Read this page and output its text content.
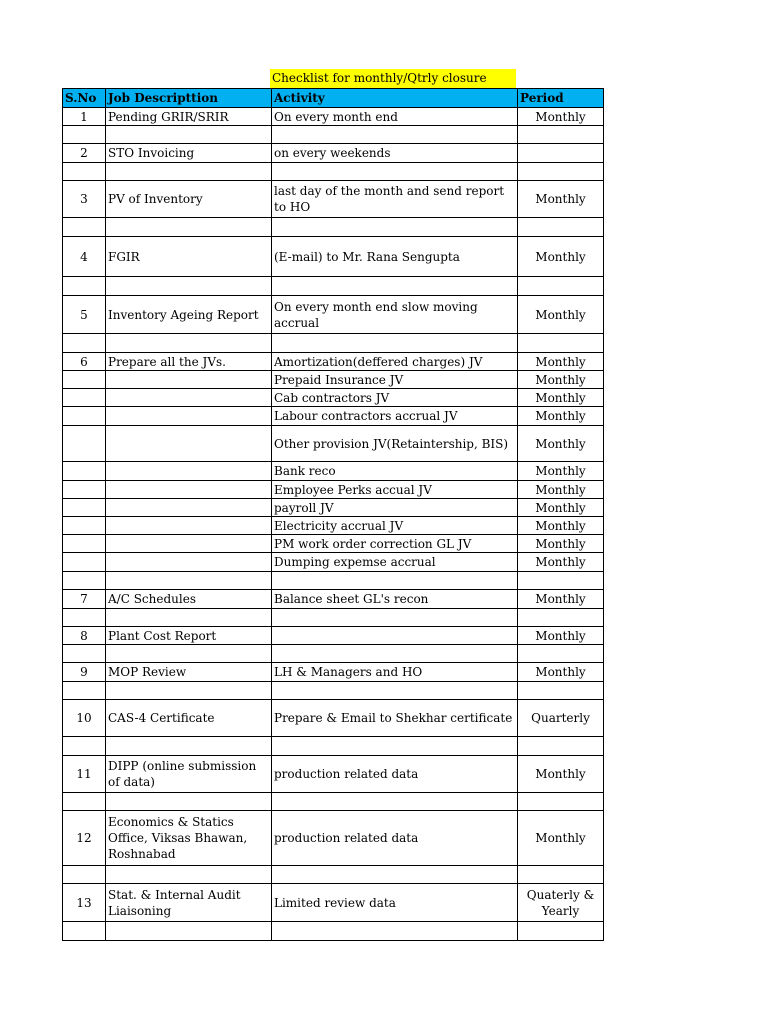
Checklist for monthly/Qtrly closure
S.No	Job Descripttion	Activity	Period
1	Pending GRIR/SRIR	On every month end	Monthly

2	STO Invoicing	on every weekends	

3	PV of Inventory	last day of the month and send report to HO	Monthly

4	FGIR	(E-mail) to Mr. Rana Sengupta	Monthly

5	Inventory Ageing Report	On every month end slow moving accrual	Monthly

6	Prepare all the JVs.	Amortization(deffered charges) JV	Monthly
		Prepaid Insurance JV	Monthly
		Cab contractors JV	Monthly
		Labour contractors accrual JV	Monthly
		Other provision JV(Retaintership, BIS)	Monthly
		Bank reco	Monthly
		Employee Perks accual JV	Monthly
		payroll JV	Monthly
		Electricity accrual JV	Monthly
		PM work order correction GL JV	Monthly
		Dumping expemse accrual	Monthly

7	A/C Schedules	Balance sheet GL's recon	Monthly

8	Plant Cost Report		Monthly

9	MOP Review	LH & Managers and HO	Monthly

10	CAS-4 Certificate	Prepare & Email to Shekhar certificate	Quarterly

11	DIPP (online submission of data)	production related data	Monthly

12	Economics & Statics Office, Viksas Bhawan, Roshnabad	production related data	Monthly

13	Stat. & Internal Audit Liaisoning	Limited review data	Quaterly & Yearly
